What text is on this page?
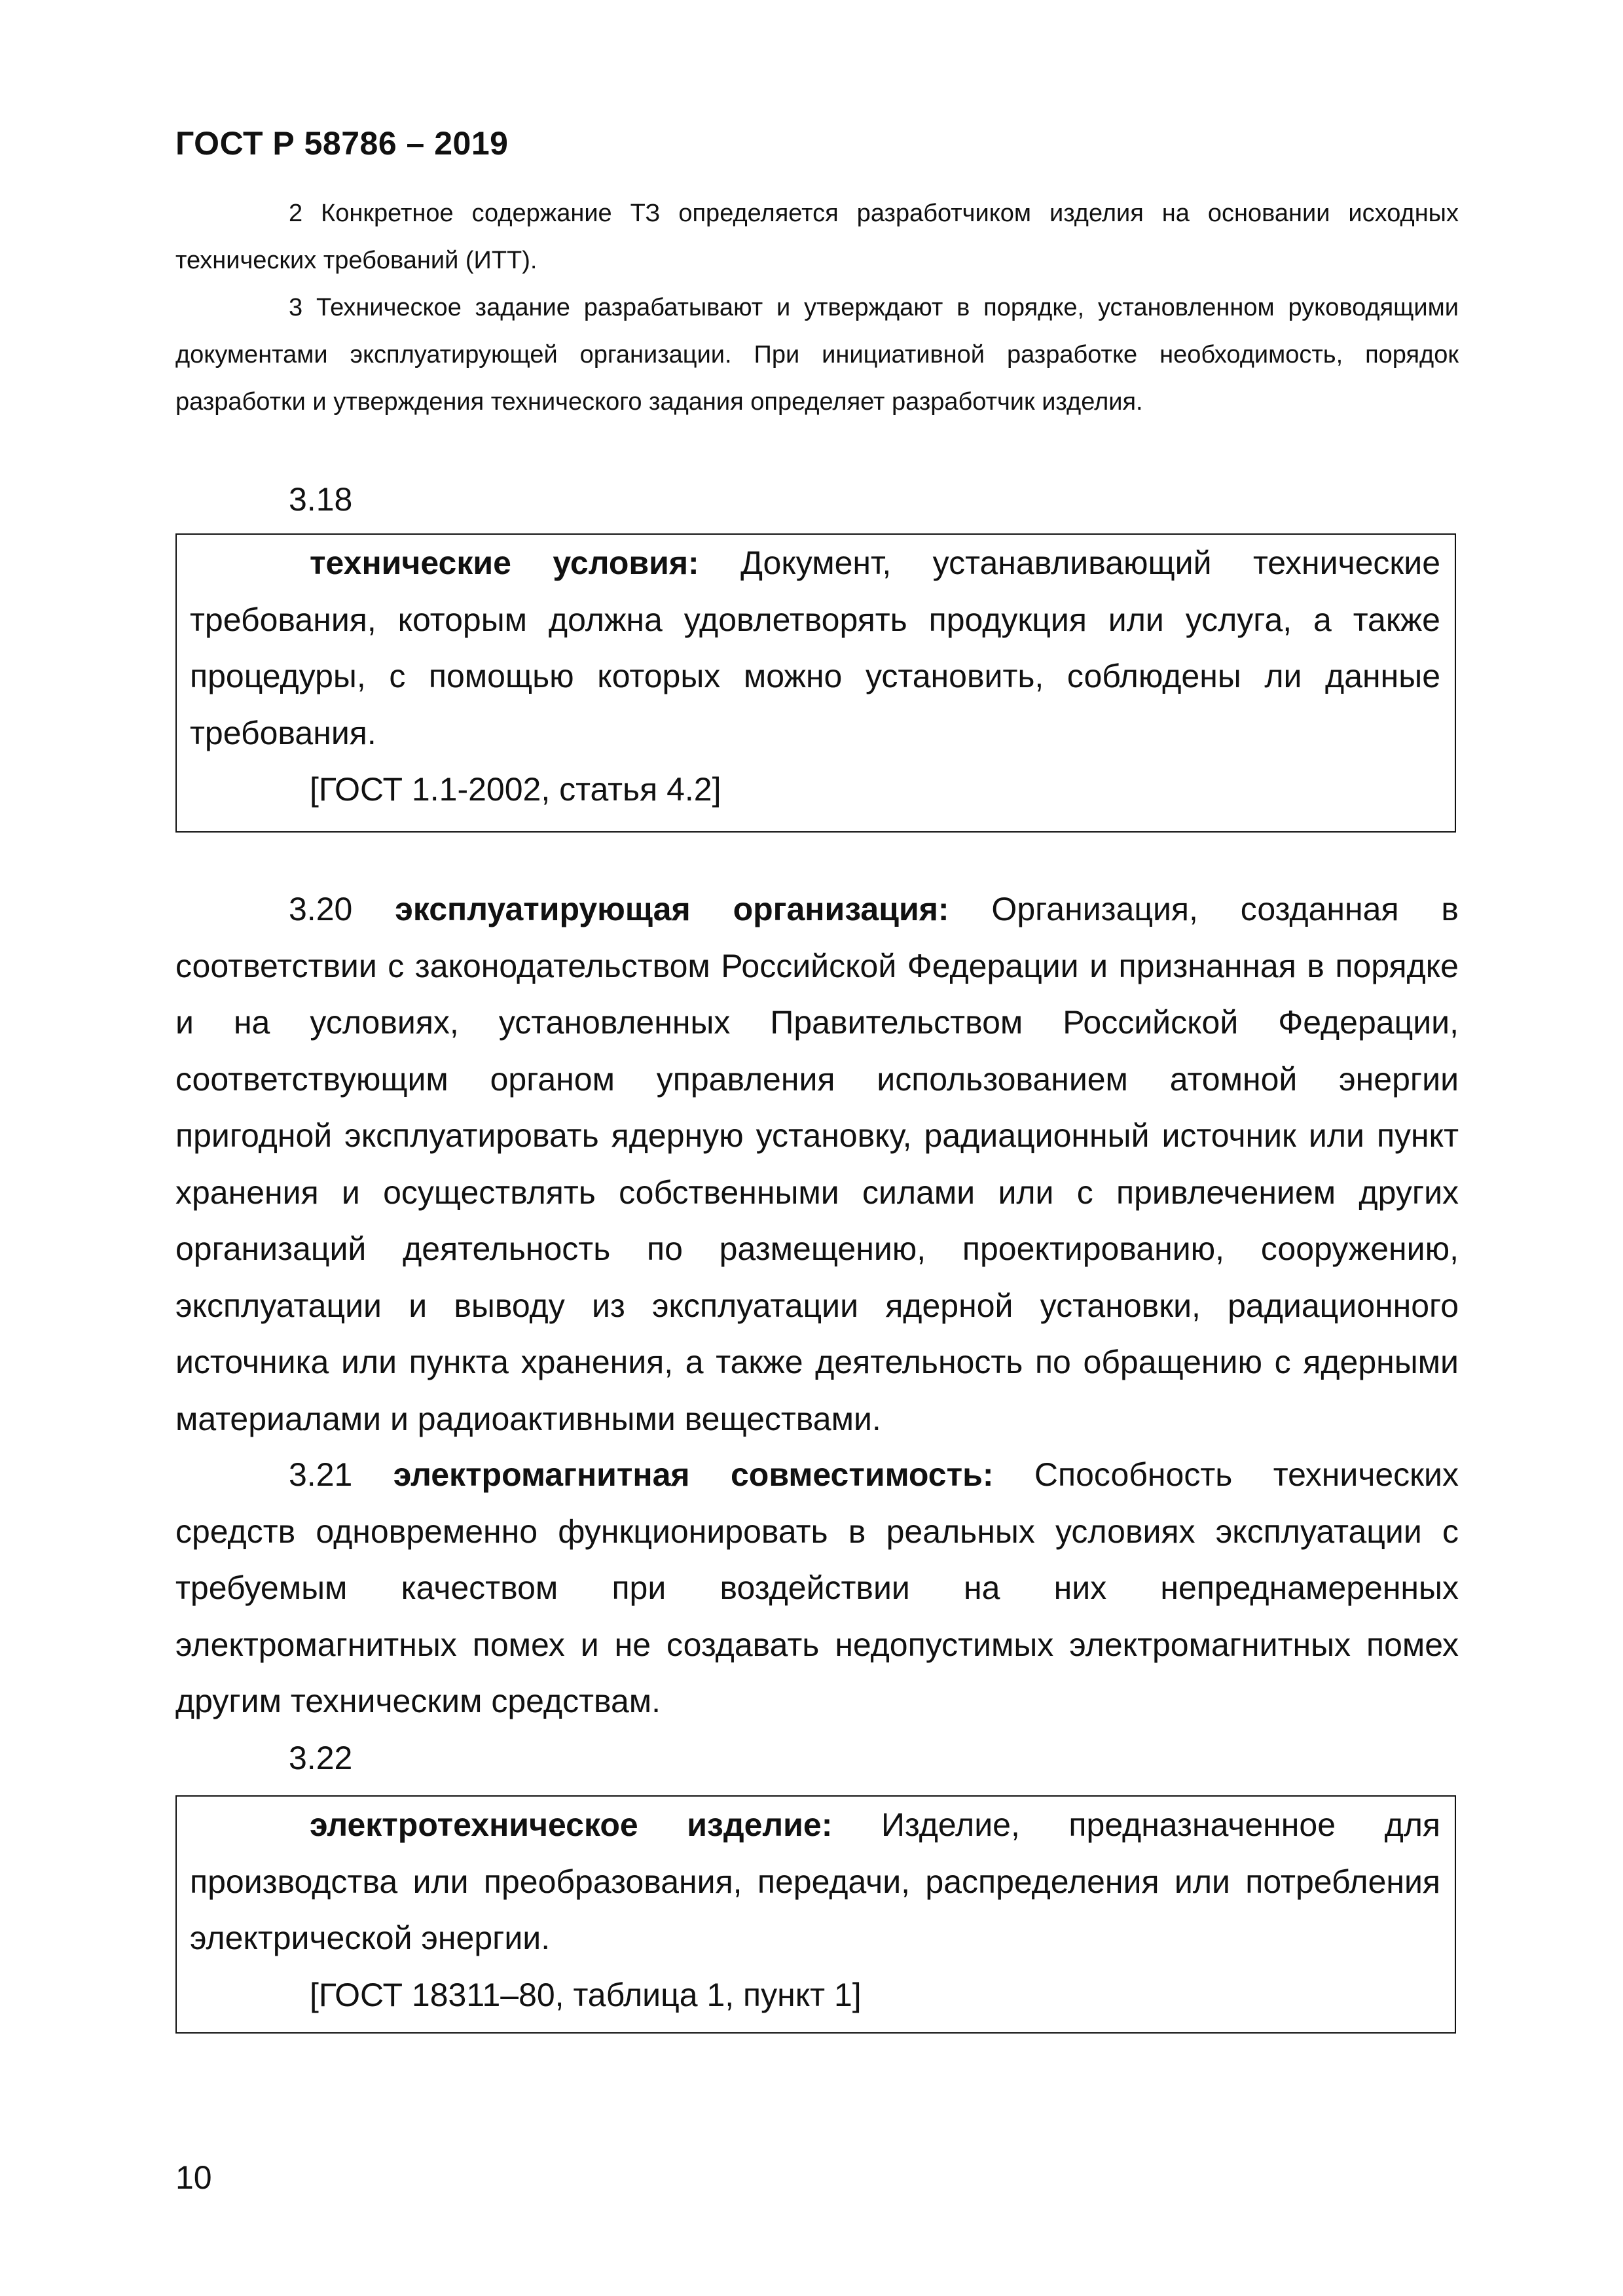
ГОСТ Р 58786 – 2019

2 Конкретное содержание ТЗ определяется разработчиком изделия на основании исходных технических требований (ИТТ).

3 Техническое задание разрабатывают и утверждают в порядке, установленном руководящими документами эксплуатирующей организации. При инициативной разработке необходимость, порядок разработки и утверждения технического задания определяет разработчик изделия.

3.18

технические условия: Документ, устанавливающий технические требования, которым должна удовлетворять продукция или услуга, а также процедуры, с помощью которых можно установить, соблюдены ли данные требования.

[ГОСТ 1.1-2002, статья 4.2]

3.20 эксплуатирующая организация: Организация, созданная в соответствии с законодательством Российской Федерации и признанная в порядке и на условиях, установленных Правительством Российской Федерации, соответствующим органом управления использованием атомной энергии пригодной эксплуатировать ядерную установку, радиационный источник или пункт хранения и осуществлять собственными силами или с привлечением других организаций деятельность по размещению, проектированию, сооружению, эксплуатации и выводу из эксплуатации ядерной установки, радиационного источника или пункта хранения, а также деятельность по обращению с ядерными материалами и радиоактивными веществами.

3.21 электромагнитная совместимость: Способность технических средств одновременно функционировать в реальных условиях эксплуатации с требуемым качеством при воздействии на них непреднамеренных электромагнитных помех и не создавать недопустимых электромагнитных помех другим техническим средствам.

3.22

электротехническое изделие: Изделие, предназначенное для производства или преобразования, передачи, распределения или потребления электрической энергии.

[ГОСТ 18311–80, таблица 1, пункт 1]

10
